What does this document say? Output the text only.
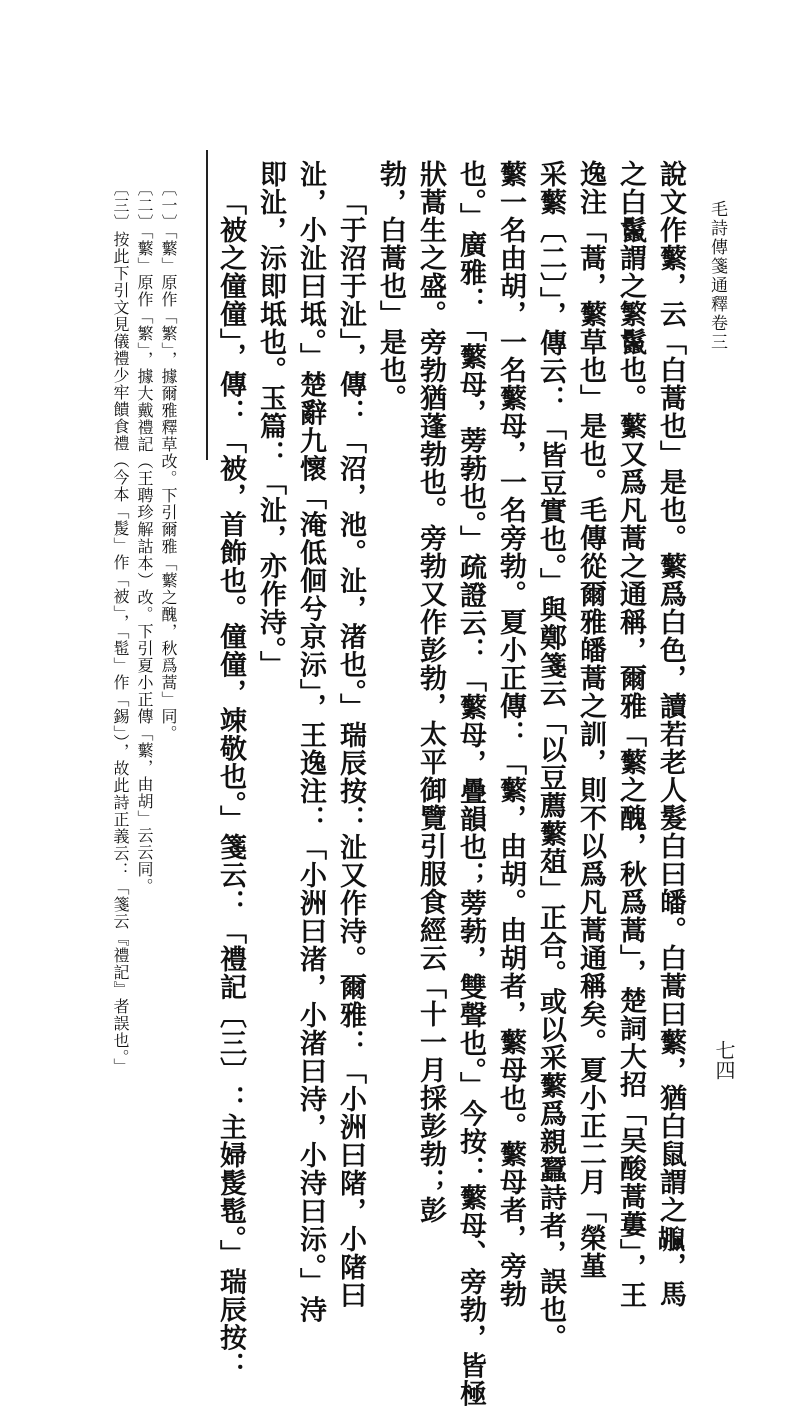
毛詩傳箋通釋卷三
七四
說文作蘩，云「白蒿也」是也。蘩爲白色，讀若老人髮白曰皤。白蒿曰蘩，猶白鼠謂之𪕮，馬
之白鬣謂之繁鬣也。蘩又爲凡蒿之通稱，爾雅「蘩之醜，秋爲蒿」，楚詞大招「吴酸蒿蔞」，王
逸注「蒿，蘩草也」是也。毛傳從爾雅皤蒿之訓，則不以爲凡蒿通稱矣。夏小正二月「榮堇
采蘩〔二〕」，傳云：「皆豆實也。」與鄭箋云「以豆薦蘩葅」正合。或以采蘩爲親蠶詩者，誤也。
蘩一名由胡，一名蘩母，一名旁勃。夏小正傳：「蘩，由胡。由胡者，蘩母也。蘩母者，旁勃
也。」廣雅：「蘩母，蒡葧也。」疏證云：「蘩母，疊韻也；蒡葧，雙聲也。」今按：蘩母、旁勃，皆極
狀蒿生之盛。旁勃猶蓬勃也。旁勃又作彭勃，太平御覽引服食經云「十一月採彭勃；彭
勃，白蒿也」是也。
「于沼于沚」，傳：「沼，池。沚，渚也。」瑞辰按：沚又作洔。爾雅：「小洲曰陼，小陼曰
沚，小沚曰坻。」楚辭九懷「淹低佪兮京沶」，王逸注：「小洲曰渚，小渚曰洔，小洔曰沶。」洔
即沚，沶即坻也。玉篇：「沚，亦作洔。」
「被之僮僮」，傳：「被，首飾也。僮僮，竦敬也。」箋云：「禮記〔三〕：主婦髲髢。」瑞辰按：
〔一〕「蘩」原作「繁」，據爾雅釋草改。下引爾雅「蘩之醜，秋爲蒿」同。
〔二〕「蘩」原作「繁」，據大戴禮記（王聘珍解詁本）改。下引夏小正傳「蘩，由胡」云云同。
〔三〕按此下引文見儀禮少牢饋食禮（今本「髲」作「被」，「髢」作「錫」），故此詩正義云：「箋云『禮記』者誤也。」
